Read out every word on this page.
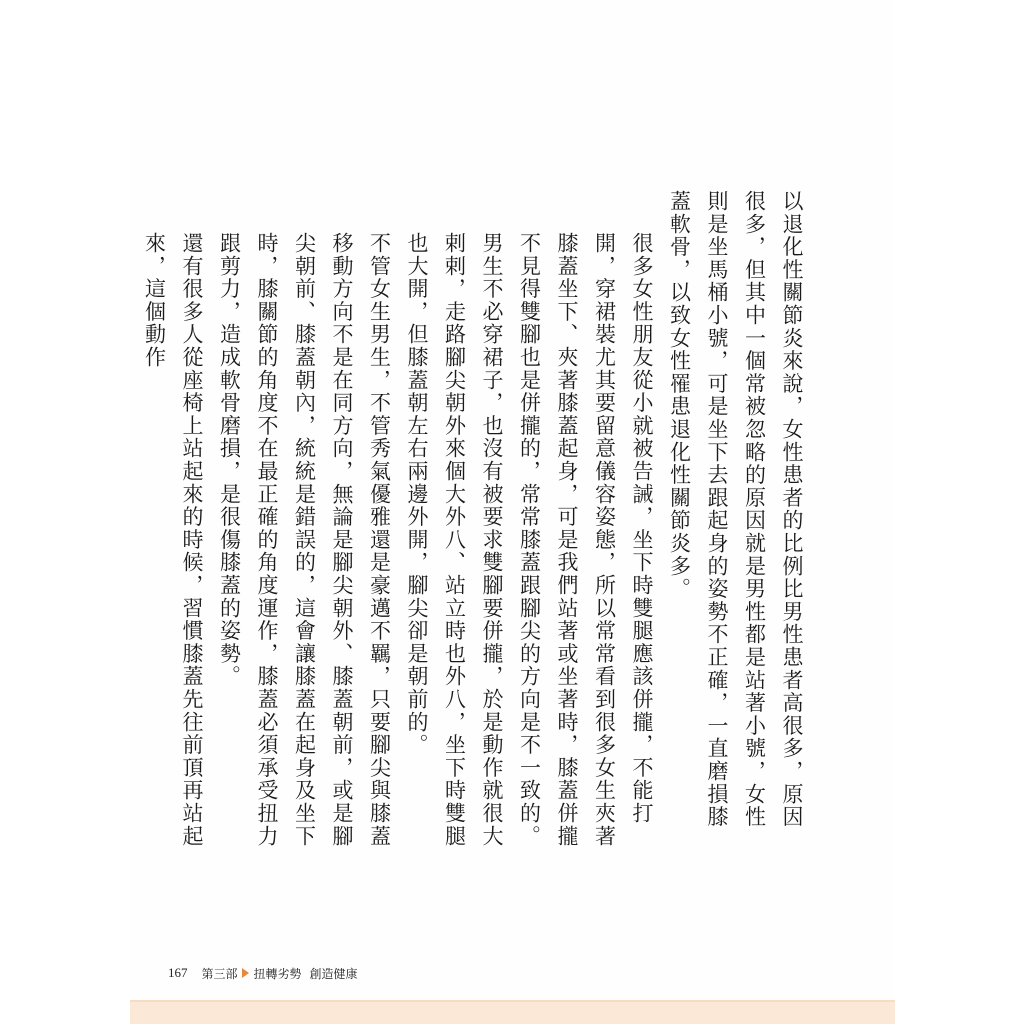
以退化性關節炎來說，女性患者的比例比男性患者高很多，原因很多，但其中一個常被忽略的原因就是男性都是站著小號，女性則是坐馬桶小號，可是坐下去跟起身的姿勢不正確，一直磨損膝蓋軟骨，以致女性罹患退化性關節炎多。

很多女性朋友從小就被告誡，坐下時雙腿應該併攏，不能打開，穿裙裝尤其要留意儀容姿態，所以常常看到很多女生夾著膝蓋坐下、夾著膝蓋起身，可是我們站著或坐著時，膝蓋併攏不見得雙腳也是併攏的，常常膝蓋跟腳尖的方向是不一致的。

男生不必穿裙子，也沒有被要求雙腳要併攏，於是動作就很大剌剌，走路腳尖朝外來個大外八、站立時也外八，坐下時雙腿也大開，但膝蓋朝左右兩邊外開，腳尖卻是朝前的。

不管女生男生，不管秀氣優雅還是豪邁不羈，只要腳尖與膝蓋移動方向不是在同方向，無論是腳尖朝外、膝蓋朝前，或是腳尖朝前、膝蓋朝內，統統是錯誤的，這會讓膝蓋在起身及坐下時，膝關節的角度不在最正確的角度運作，膝蓋必須承受扭力跟剪力，造成軟骨磨損，是很傷膝蓋的姿勢。

還有很多人從座椅上站起來的時候，習慣膝蓋先往前頂再站起來，這個動作

167 第三部 扭轉劣勢 創造健康
